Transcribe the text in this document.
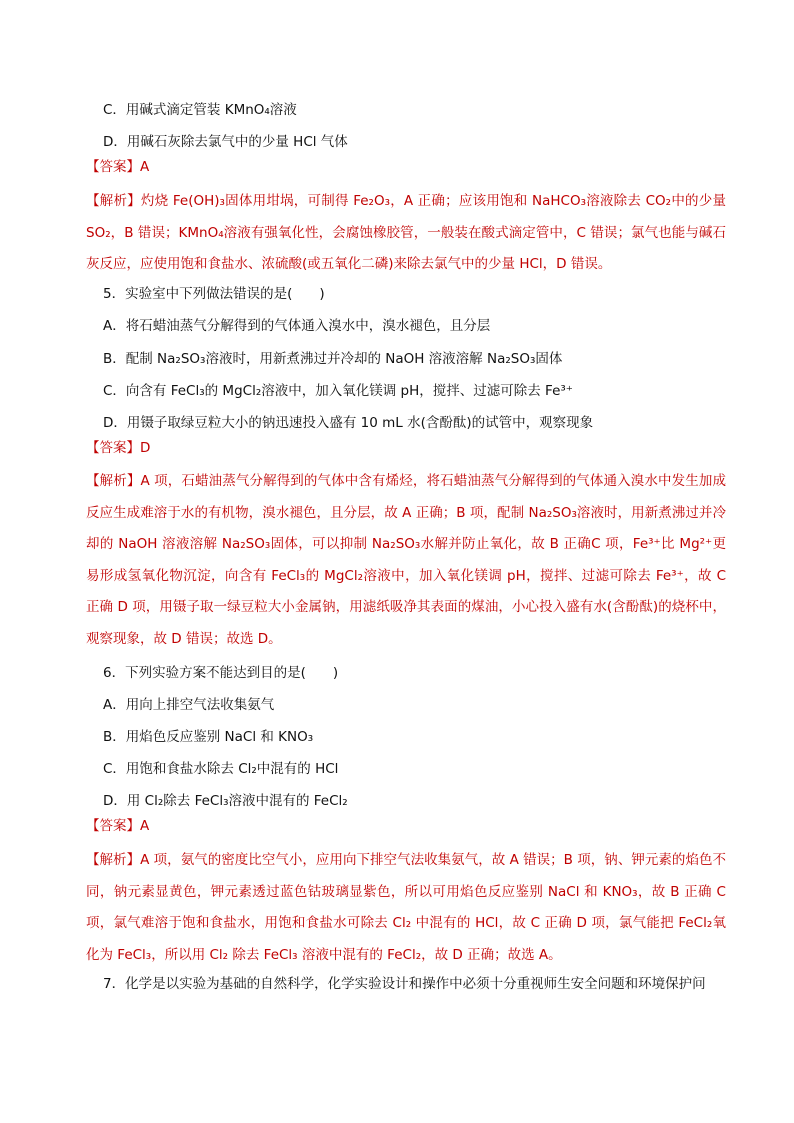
C．用碱式滴定管装 KMnO₄溶液
D．用碱石灰除去氯气中的少量 HCl 气体
【答案】A
【解析】灼烧 Fe(OH)₃固体用坩埚，可制得 Fe₂O₃，A 正确；应该用饱和 NaHCO₃溶液除去 CO₂中的少量 SO₂，B 错误；KMnO₄溶液有强氧化性，会腐蚀橡胶管，一般装在酸式滴定管中，C 错误；氯气也能与碱石灰反应，应使用饱和食盐水、浓硫酸(或五氧化二磷)来除去氯气中的少量 HCl，D 错误。
5．实验室中下列做法错误的是(　　)
A．将石蜡油蒸气分解得到的气体通入溴水中，溴水褪色，且分层
B．配制 Na₂SO₃溶液时，用新煮沸过并冷却的 NaOH 溶液溶解 Na₂SO₃固体
C．向含有 FeCl₃的 MgCl₂溶液中，加入氧化镁调 pH，搅拌、过滤可除去 Fe³⁺
D．用镊子取绿豆粒大小的钠迅速投入盛有 10 mL 水(含酚酞)的试管中，观察现象
【答案】D
【解析】A 项，石蜡油蒸气分解得到的气体中含有烯烃，将石蜡油蒸气分解得到的气体通入溴水中发生加成反应生成难溶于水的有机物，溴水褪色，且分层，故 A 正确；B 项，配制 Na₂SO₃溶液时，用新煮沸过并冷却的 NaOH 溶液溶解 Na₂SO₃固体，可以抑制 Na₂SO₃水解并防止氧化，故 B 正确C 项，Fe³⁺比 Mg²⁺更易形成氢氧化物沉淀，向含有 FeCl₃的 MgCl₂溶液中，加入氧化镁调 pH，搅拌、过滤可除去 Fe³⁺，故 C 正确 D 项，用镊子取一绿豆粒大小金属钠，用滤纸吸净其表面的煤油，小心投入盛有水(含酚酞)的烧杯中，观察现象，故 D 错误；故选 D。
6．下列实验方案不能达到目的是(　　)
A．用向上排空气法收集氨气
B．用焰色反应鉴别 NaCl 和 KNO₃
C．用饱和食盐水除去 Cl₂中混有的 HCl
D．用 Cl₂除去 FeCl₃溶液中混有的 FeCl₂
【答案】A
【解析】A 项，氨气的密度比空气小，应用向下排空气法收集氨气，故 A 错误；B 项，钠、钾元素的焰色不同，钠元素显黄色，钾元素透过蓝色钴玻璃显紫色，所以可用焰色反应鉴别 NaCl 和 KNO₃，故 B 正确 C 项，氯气难溶于饱和食盐水，用饱和食盐水可除去 Cl₂ 中混有的 HCl，故 C 正确 D 项，氯气能把 FeCl₂氧化为 FeCl₃，所以用 Cl₂ 除去 FeCl₃ 溶液中混有的 FeCl₂，故 D 正确；故选 A。
7．化学是以实验为基础的自然科学，化学实验设计和操作中必须十分重视师生安全问题和环境保护问
